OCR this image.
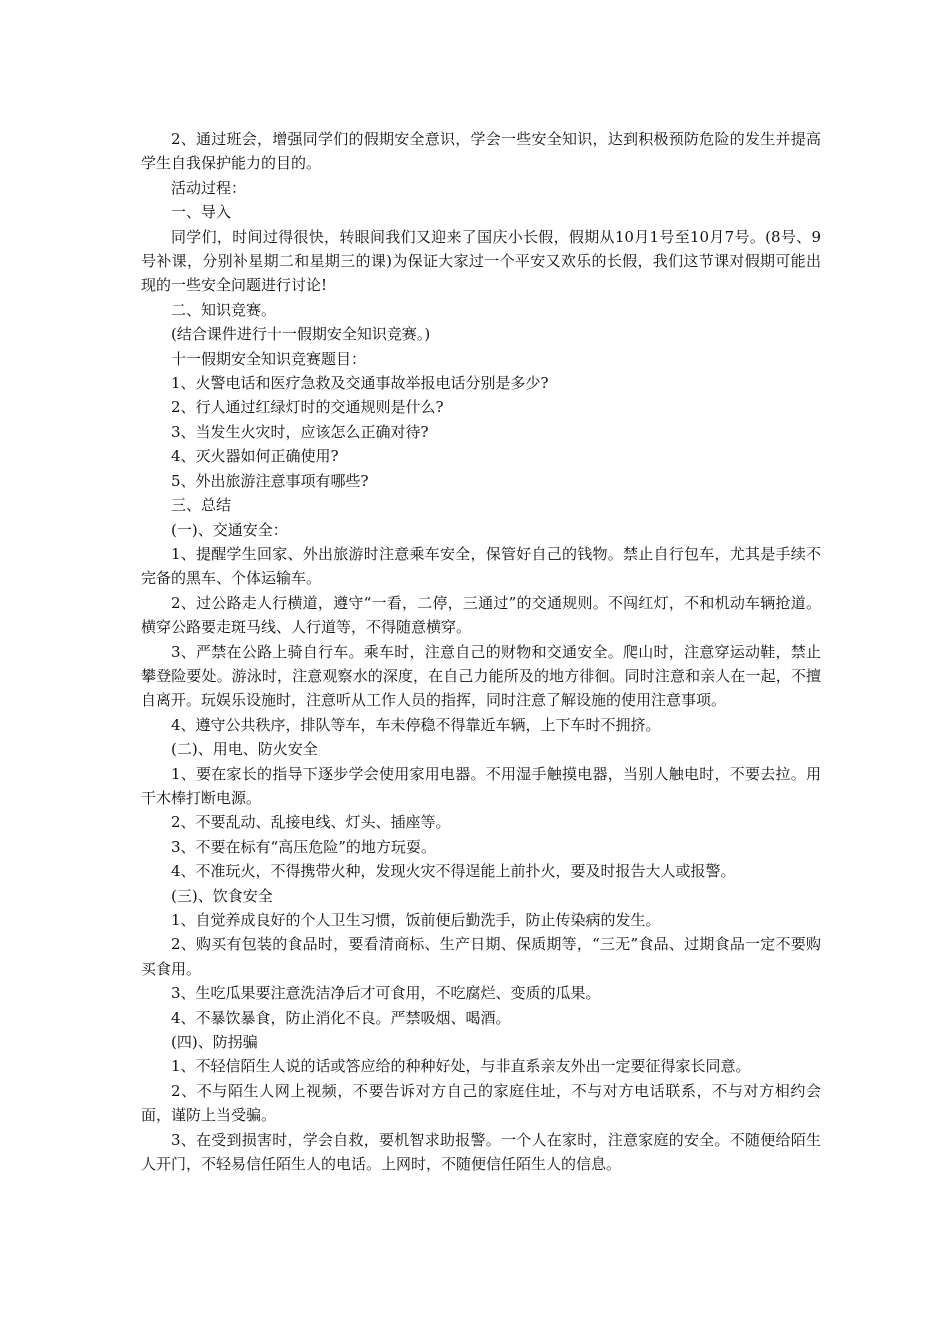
2、通过班会，增强同学们的假期安全意识，学会一些安全知识，达到积极预防危险的发生并提高学生自我保护能力的目的。

活动过程：

一、导入

同学们，时间过得很快，转眼间我们又迎来了国庆小长假，假期从10月1号至10月7号。(8号、9号补课，分别补星期二和星期三的课)为保证大家过一个平安又欢乐的长假，我们这节课对假期可能出现的一些安全问题进行讨论!

二、知识竞赛。

(结合课件进行十一假期安全知识竞赛。)

十一假期安全知识竞赛题目：

1、火警电话和医疗急救及交通事故举报电话分别是多少?

2、行人通过红绿灯时的交通规则是什么?

3、当发生火灾时，应该怎么正确对待?

4、灭火器如何正确使用?

5、外出旅游注意事项有哪些?

三、总结

(一)、交通安全：

1、提醒学生回家、外出旅游时注意乘车安全，保管好自己的钱物。禁止自行包车，尤其是手续不完备的黑车、个体运输车。

2、过公路走人行横道，遵守“一看，二停，三通过”的交通规则。不闯红灯，不和机动车辆抢道。横穿公路要走斑马线、人行道等，不得随意横穿。

3、严禁在公路上骑自行车。乘车时，注意自己的财物和交通安全。爬山时，注意穿运动鞋，禁止攀登险要处。游泳时，注意观察水的深度，在自己力能所及的地方徘徊。同时注意和亲人在一起，不擅自离开。玩娱乐设施时，注意听从工作人员的指挥，同时注意了解设施的使用注意事项。

4、遵守公共秩序，排队等车，车未停稳不得靠近车辆，上下车时不拥挤。

(二)、用电、防火安全

1、要在家长的指导下逐步学会使用家用电器。不用湿手触摸电器，当别人触电时，不要去拉。用干木棒打断电源。

2、不要乱动、乱接电线、灯头、插座等。

3、不要在标有“高压危险”的地方玩耍。

4、不准玩火，不得携带火种，发现火灾不得逞能上前扑火，要及时报告大人或报警。

(三)、饮食安全

1、自觉养成良好的个人卫生习惯，饭前便后勤洗手，防止传染病的发生。

2、购买有包装的食品时，要看清商标、生产日期、保质期等，“三无”食品、过期食品一定不要购买食用。

3、生吃瓜果要注意洗洁净后才可食用，不吃腐烂、变质的瓜果。

4、不暴饮暴食，防止消化不良。严禁吸烟、喝酒。

(四)、防拐骗

1、不轻信陌生人说的话或答应给的种种好处，与非直系亲友外出一定要征得家长同意。

2、不与陌生人网上视频，不要告诉对方自己的家庭住址，不与对方电话联系，不与对方相约会面，谨防上当受骗。

3、在受到损害时，学会自救，要机智求助报警。一个人在家时，注意家庭的安全。不随便给陌生人开门，不轻易信任陌生人的电话。上网时，不随便信任陌生人的信息。
